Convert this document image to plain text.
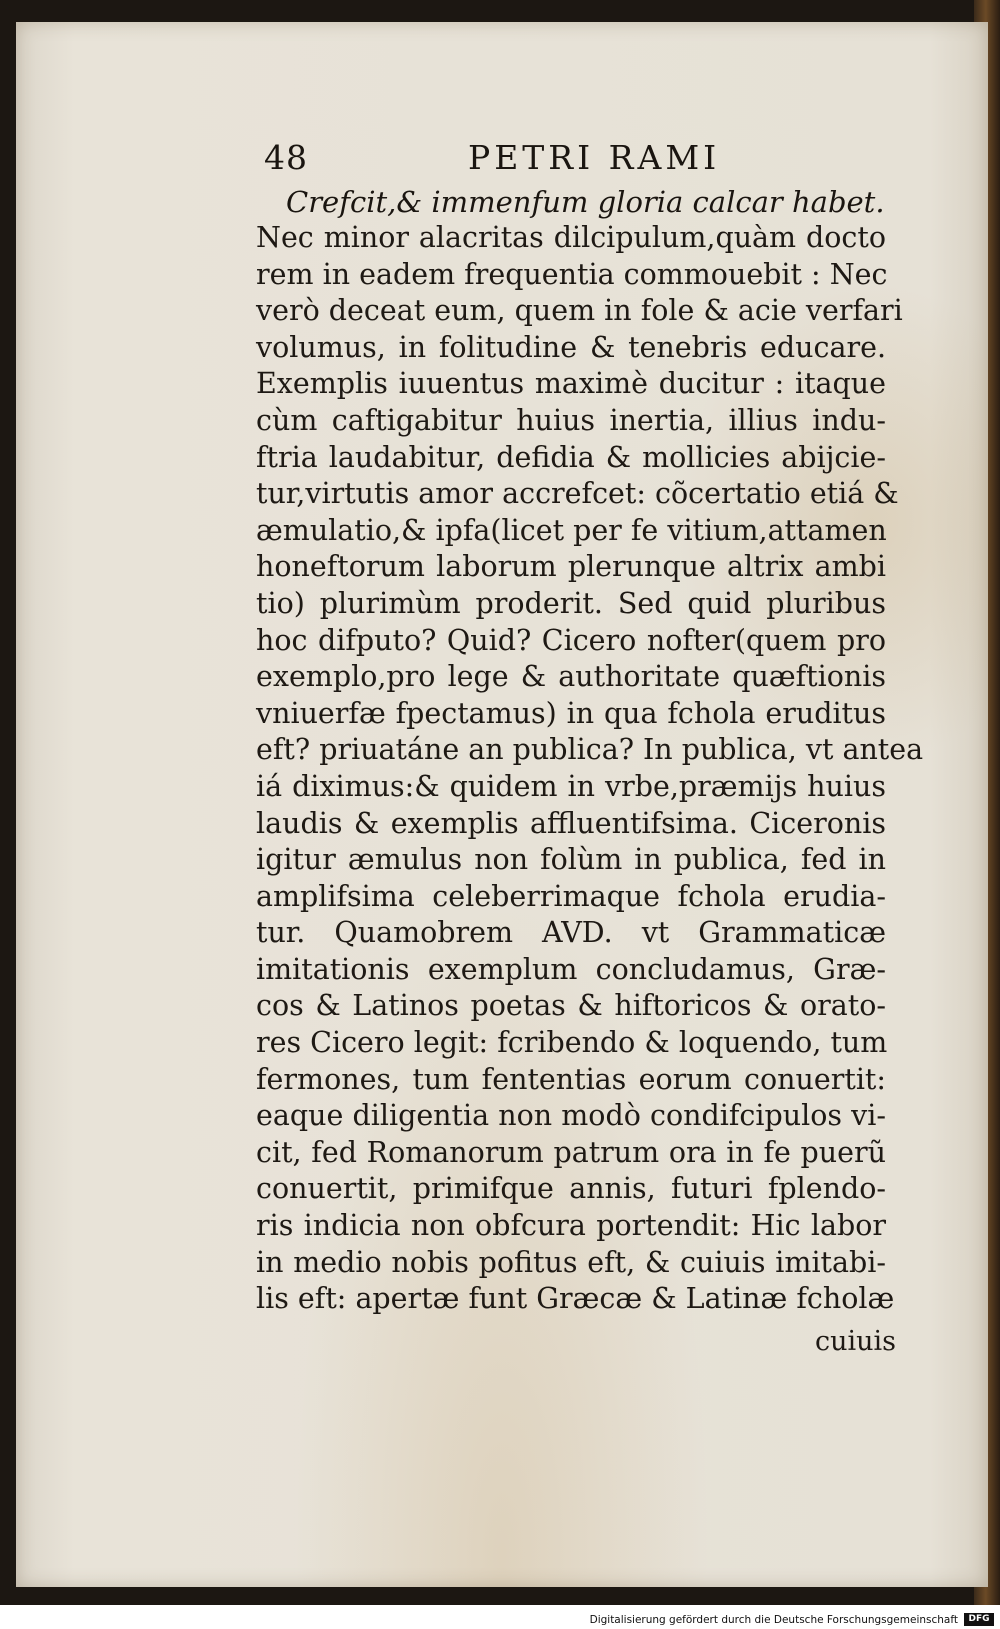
48	PETRI RAMI
Crefcit,& immenfum gloria calcar habet.
Nec minor alacritas dilcipulum,quàm docto
rem in eadem frequentia commouebit : Nec
verò deceat eum, quem in fole & acie verfari
volumus, in folitudine & tenebris educare.
Exemplis iuuentus maximè ducitur : itaque
cùm caftigabitur huius inertia, illius indu-
ftria laudabitur, defidia & mollicies abijcie-
tur,virtutis amor accrefcet: cõcertatio etiá &
æmulatio,& ipfa(licet per fe vitium,attamen
honeftorum laborum plerunque altrix ambi
tio) plurimùm proderit. Sed quid pluribus
hoc difputo? Quid? Cicero nofter(quem pro
exemplo,pro lege & authoritate quæftionis
vniuerfæ fpectamus) in qua fchola eruditus
eft? priuatáne an publica? In publica, vt antea
iá diximus:& quidem in vrbe,præmijs huius
laudis & exemplis affluentifsima. Ciceronis
igitur æmulus non folùm in publica, fed in
amplifsima celeberrimaque fchola erudia-
tur. Quamobrem AVD. vt Grammaticæ
imitationis exemplum concludamus, Græ-
cos & Latinos poetas & hiftoricos & orato-
res Cicero legit: fcribendo & loquendo, tum
fermones, tum fententias eorum conuertit:
eaque diligentia non modò condifcipulos vi-
cit, fed Romanorum patrum ora in fe puerũ
conuertit, primifque annis, futuri fplendo-
ris indicia non obfcura portendit: Hic labor
in medio nobis pofitus eft, & cuiuis imitabi-
lis eft: apertæ funt Græcæ & Latinæ fcholæ
cuiuis
Digitalisierung gefördert durch die Deutsche Forschungsgemeinschaft	DFG
